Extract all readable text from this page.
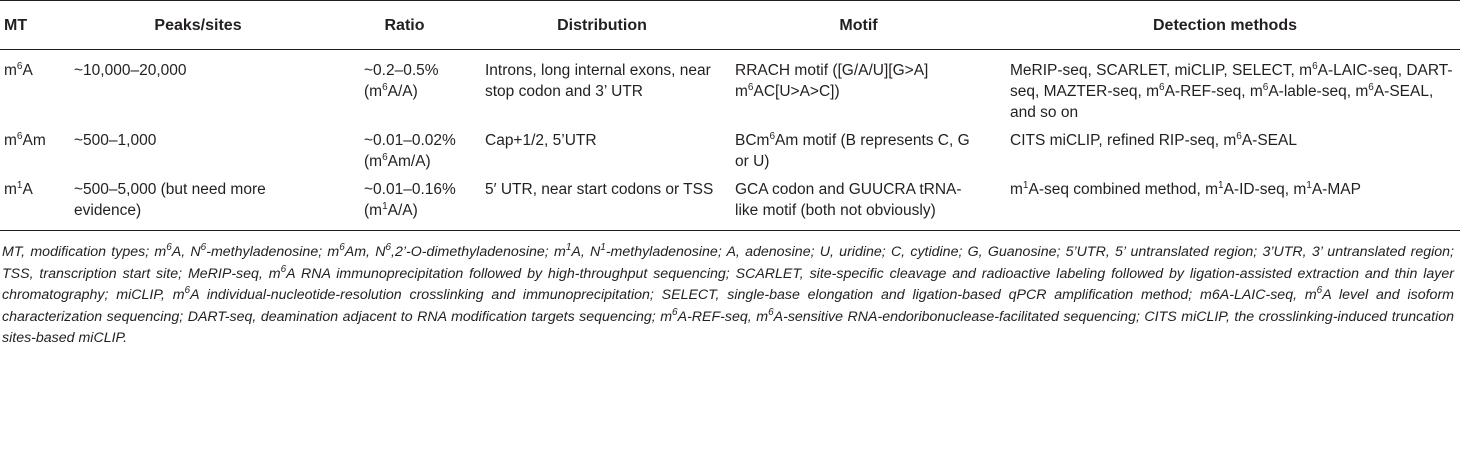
MT	Peaks/sites	Ratio	Distribution	Motif	Detection methods
$m^6A$	~10,000–20,000	~0.2–0.5% $(m^6A/A)$	Introns, long internal exons, near stop codon and 3’ UTR	RRACH motif ([G/A/U][G>A] $m^6AC[U>A>C]$)	MeRIP-seq, SCARLET, miCLIP, SELECT, $m^6A-LAIC$-seq, DART-seq, MAZTER-seq, $m^6A-REF$-seq, $m^6A-lable$-seq, $m^6A$-SEAL, and so on
$m^6Am$	~500–1,000	~0.01–0.02% $(m^6Am/A)$	Cap+1/2, 5’UTR	BCm$^6$Am motif (B represents C, G or U)	CITS miCLIP, refined RIP-seq, $m^6A$-SEAL
$m^1A$	~500–5,000 (but need more evidence)	~0.01–0.16% $(m^1A/A)$	5′ UTR, near start codons or TSS	GCA codon and GUUCRA tRNA-like motif (both not obviously)	$m^1A$-seq combined method, $m^1A-ID$-seq, $m^1A$-MAP
MT, modification types; $m^6A$, $N^6$-methyladenosine; $m^6Am$, $N^6,2’-O$-dimethyladenosine; $m^1A$, $N^1$-methyladenosine; A, adenosine; U, uridine; C, cytidine; G, Guanosine; 5’UTR, 5’ untranslated region; 3’UTR, 3’ untranslated region; TSS, transcription start site; MeRIP-seq, $m^6A$ RNA immunoprecipitation followed by high-throughput sequencing; SCARLET, site-specific cleavage and radioactive labeling followed by ligation-assisted extraction and thin layer chromatography; miCLIP, $m^6A$ individual-nucleotide-resolution crosslinking and immunoprecipitation; SELECT, single-base elongation and ligation-based qPCR amplification method; m6A-LAIC-seq, $m^6A$ level and isoform characterization sequencing; DART-seq, deamination adjacent to RNA modification targets sequencing; $m^6A-REF$-seq, $m^6A$-sensitive RNA-endoribonuclease-facilitated sequencing; CITS miCLIP, the crosslinking-induced truncation sites-based miCLIP.
